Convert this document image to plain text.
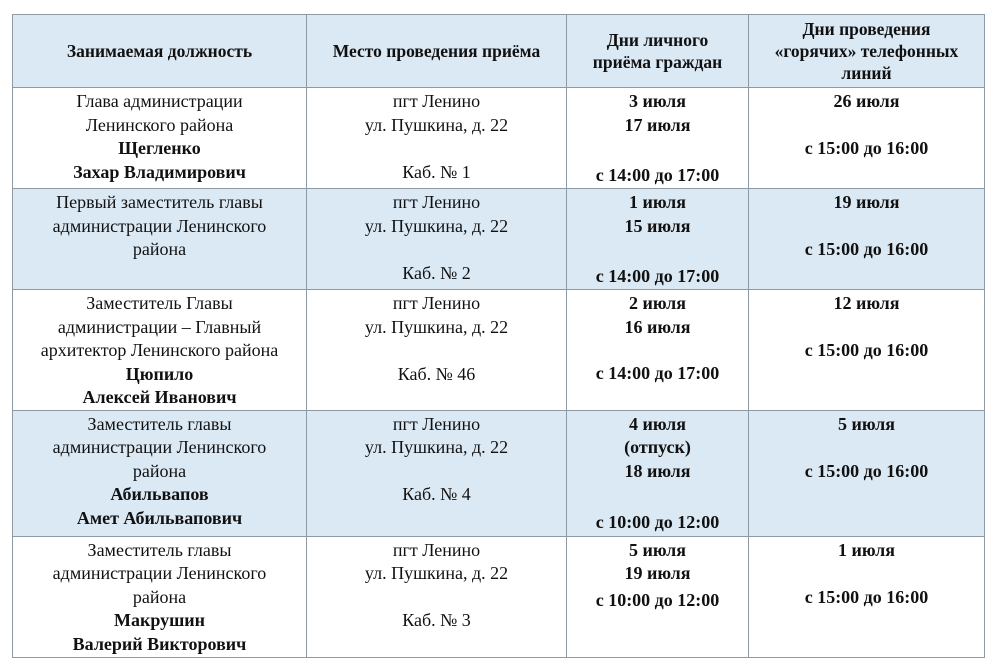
Занимаемая должность	Место проведения приёма	Дни личного
приёма граждан	Дни проведения
«горячих» телефонных
линий

Глава администрации
Ленинского района
Щегленко
Захар Владимирович	пгт Ленино
ул. Пушкина, д. 22
Каб. № 1	3 июля
17 июля
с 14:00 до 17:00	26 июля
с 15:00 до 16:00

Первый заместитель главы
администрации Ленинского
района	пгт Ленино
ул. Пушкина, д. 22
Каб. № 2	1 июля
15 июля
с 14:00 до 17:00	19 июля
с 15:00 до 16:00

Заместитель Главы
администрации – Главный
архитектор Ленинского района
Цюпило
Алексей Иванович	пгт Ленино
ул. Пушкина, д. 22
Каб. № 46	2 июля
16 июля
с 14:00 до 17:00	12 июля
с 15:00 до 16:00

Заместитель главы
администрации Ленинского
района
Абильвапов
Амет Абильвапович	пгт Ленино
ул. Пушкина, д. 22
Каб. № 4	4 июля
(отпуск)
18 июля
с 10:00 до 12:00	5 июля
с 15:00 до 16:00

Заместитель главы
администрации Ленинского
района
Макрушин
Валерий Викторович	пгт Ленино
ул. Пушкина, д. 22
Каб. № 3	5 июля
19 июля
с 10:00 до 12:00	1 июля
с 15:00 до 16:00
